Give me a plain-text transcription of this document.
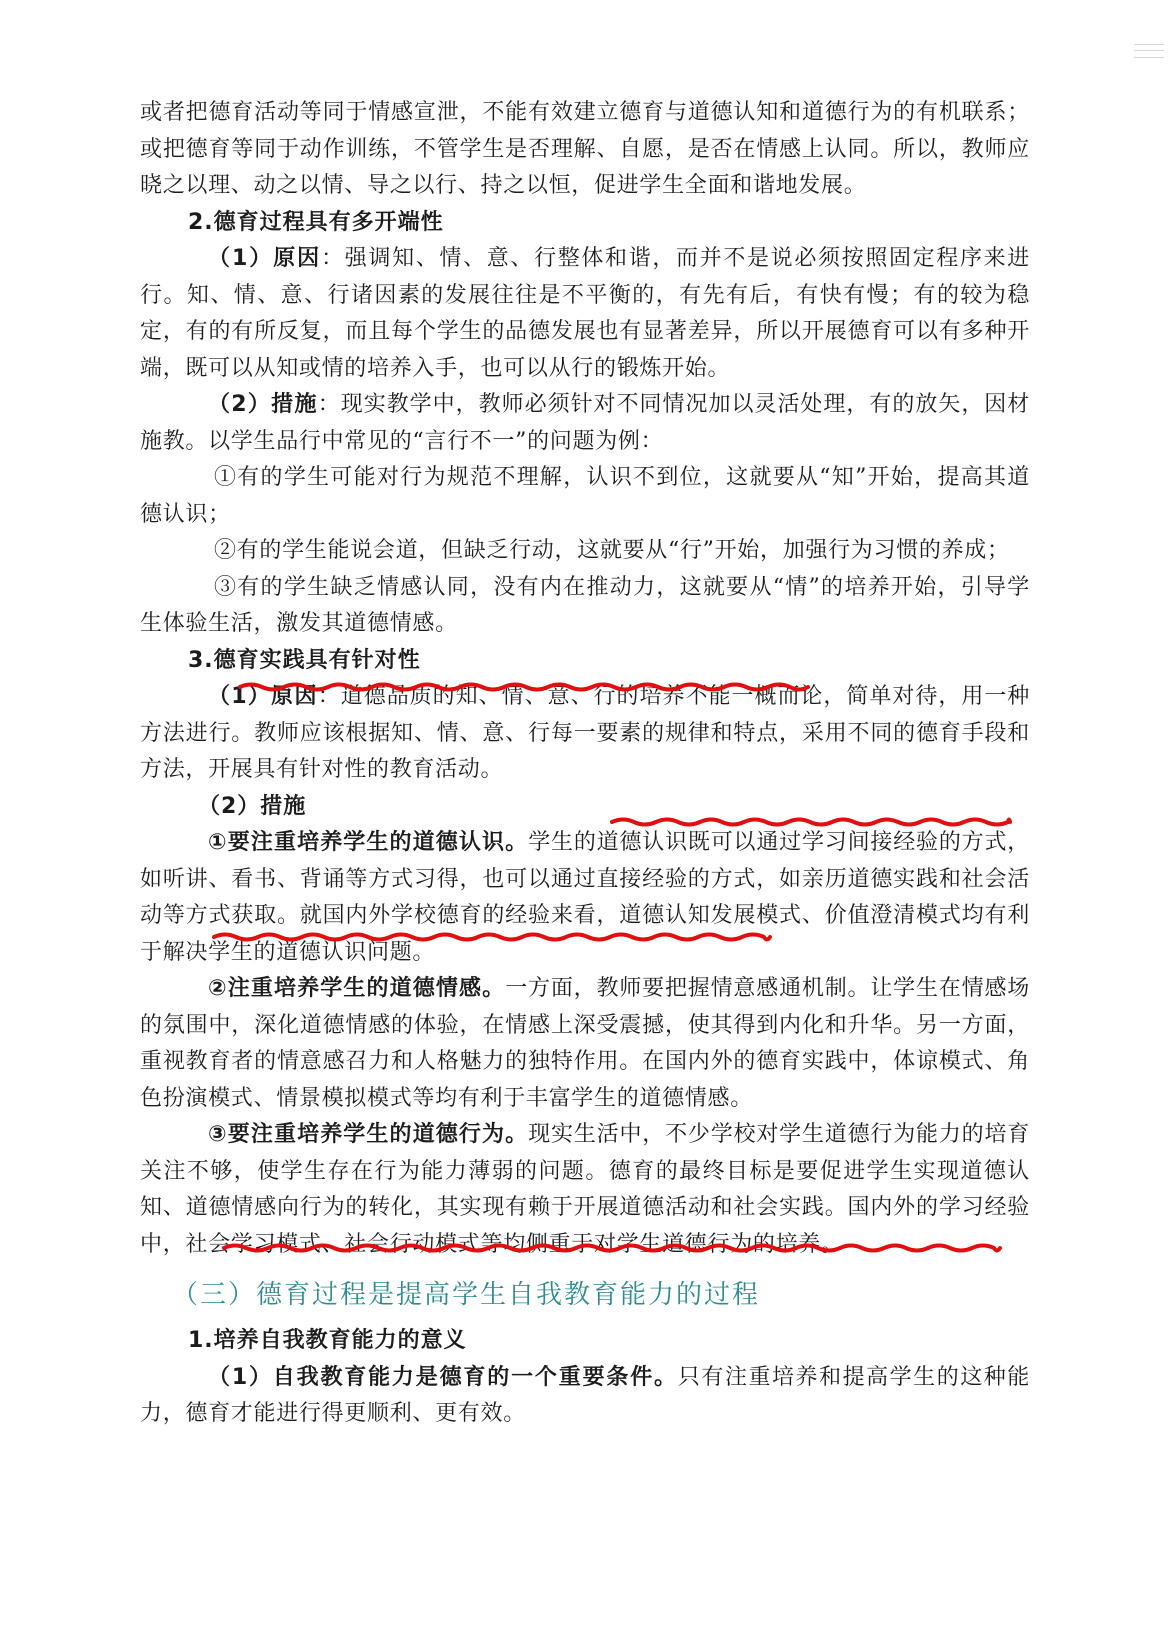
或者把德育活动等同于情感宣泄，不能有效建立德育与道德认知和道德行为的有机联系；或把德育等同于动作训练，不管学生是否理解、自愿，是否在情感上认同。所以，教师应晓之以理、动之以情、导之以行、持之以恒，促进学生全面和谐地发展。

2.德育过程具有多开端性

（1）原因：强调知、情、意、行整体和谐，而并不是说必须按照固定程序来进行。知、情、意、行诸因素的发展往往是不平衡的，有先有后，有快有慢；有的较为稳定，有的有所反复，而且每个学生的品德发展也有显著差异，所以开展德育可以有多种开端，既可以从知或情的培养入手，也可以从行的锻炼开始。

（2）措施：现实教学中，教师必须针对不同情况加以灵活处理，有的放矢，因材施教。以学生品行中常见的“言行不一”的问题为例：

①有的学生可能对行为规范不理解，认识不到位，这就要从“知”开始，提高其道德认识；

②有的学生能说会道，但缺乏行动，这就要从“行”开始，加强行为习惯的养成；

③有的学生缺乏情感认同，没有内在推动力，这就要从“情”的培养开始，引导学生体验生活，激发其道德情感。

3.德育实践具有针对性

（1）原因：道德品质的知、情、意、行的培养不能一概而论，简单对待，用一种方法进行。教师应该根据知、情、意、行每一要素的规律和特点，采用不同的德育手段和方法，开展具有针对性的教育活动。

（2）措施

①要注重培养学生的道德认识。学生的道德认识既可以通过学习间接经验的方式，如听讲、看书、背诵等方式习得，也可以通过直接经验的方式，如亲历道德实践和社会活动等方式获取。就国内外学校德育的经验来看，道德认知发展模式、价值澄清模式均有利于解决学生的道德认识问题。

②注重培养学生的道德情感。一方面，教师要把握情意感通机制。让学生在情感场的氛围中，深化道德情感的体验，在情感上深受震撼，使其得到内化和升华。另一方面，重视教育者的情意感召力和人格魅力的独特作用。在国内外的德育实践中，体谅模式、角色扮演模式、情景模拟模式等均有利于丰富学生的道德情感。

③要注重培养学生的道德行为。现实生活中，不少学校对学生道德行为能力的培育关注不够，使学生存在行为能力薄弱的问题。德育的最终目标是要促进学生实现道德认知、道德情感向行为的转化，其实现有赖于开展道德活动和社会实践。国内外的学习经验中，社会学习模式、社会行动模式等均侧重于对学生道德行为的培养。

（三）德育过程是提高学生自我教育能力的过程

1.培养自我教育能力的意义

（1）自我教育能力是德育的一个重要条件。只有注重培养和提高学生的这种能力，德育才能进行得更顺利、更有效。
